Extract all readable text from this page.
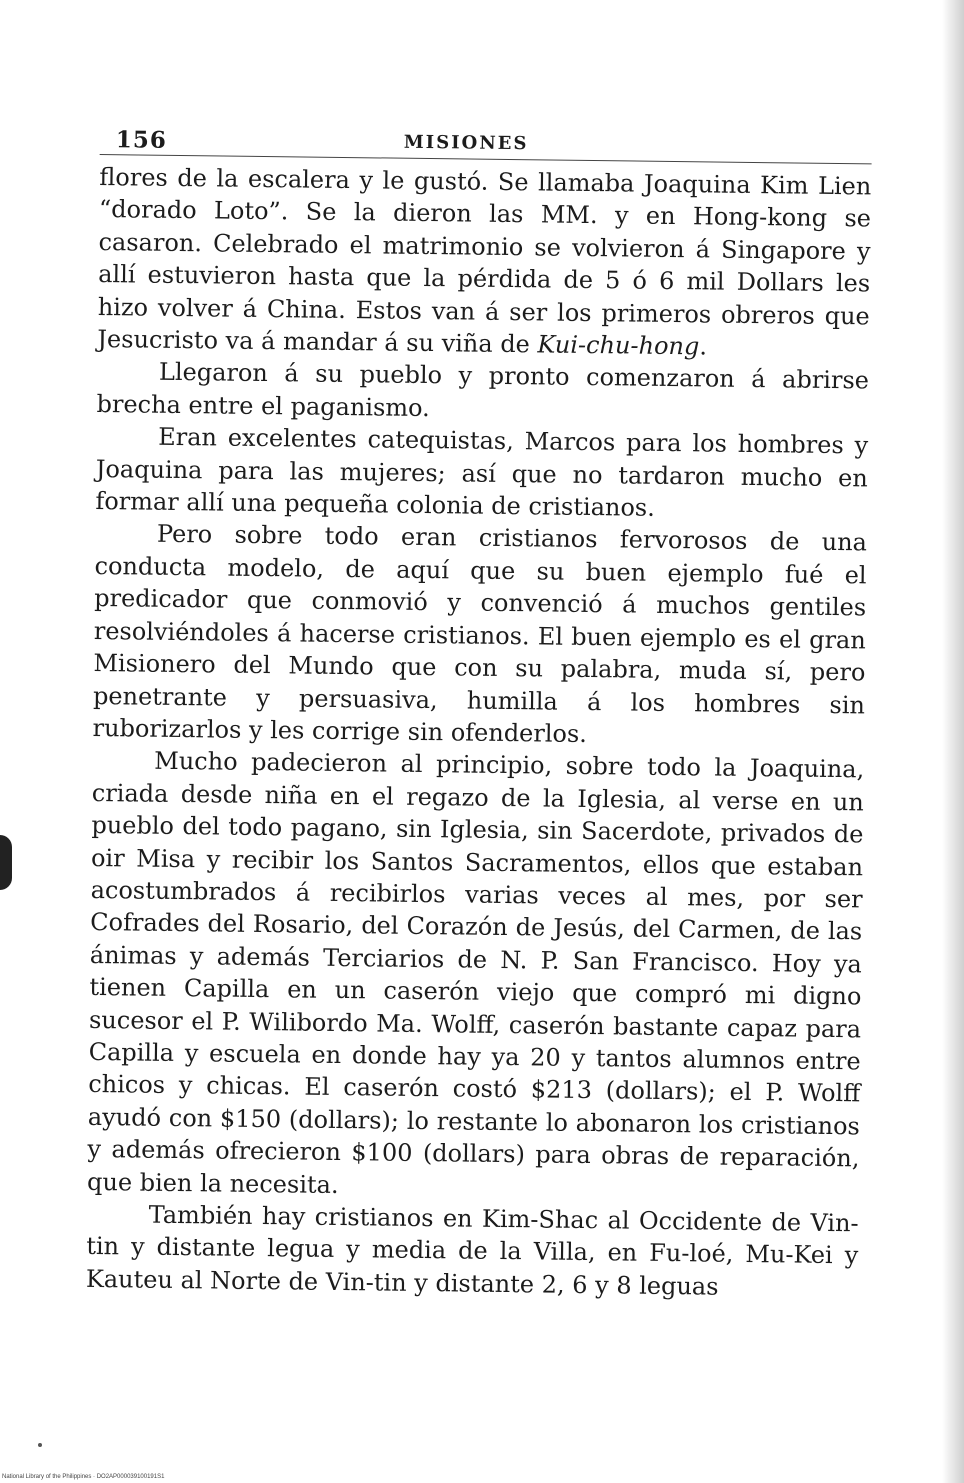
156	MISIONES

flores de la escalera y le gustó. Se llamaba Joaquina Kim Lien “dorado Loto”. Se la dieron las MM. y en Hong-kong se casaron. Celebrado el matrimonio se volvieron á Singapore y allí estuvieron hasta que la pérdida de 5 ó 6 mil Dollars les hizo volver á China. Estos van á ser los primeros obreros que Jesucristo va á mandar á su viña de Kui-chu-hong.

Llegaron á su pueblo y pronto comenzaron á abrirse brecha entre el paganismo.

Eran excelentes catequistas, Marcos para los hombres y Joaquina para las mujeres; así que no tardaron mucho en formar allí una pequeña colonia de cristianos.

Pero sobre todo eran cristianos fervorosos de una conducta modelo, de aquí que su buen ejemplo fué el predicador que conmovió y convenció á muchos gentiles resolviéndoles á hacerse cristianos. El buen ejemplo es el gran Misionero del Mundo que con su palabra, muda sí, pero penetrante y persuasiva, humilla á los hombres sin ruborizarlos y les corrige sin ofenderlos.

Mucho padecieron al principio, sobre todo la Joaquina, criada desde niña en el regazo de la Iglesia, al verse en un pueblo del todo pagano, sin Iglesia, sin Sacerdote, privados de oir Misa y recibir los Santos Sacramentos, ellos que estaban acostumbrados á recibirlos varias veces al mes, por ser Cofrades del Rosario, del Corazón de Jesús, del Carmen, de las ánimas y además Terciarios de N. P. San Francisco. Hoy ya tienen Capilla en un caserón viejo que compró mi digno sucesor el P. Wilibordo Ma. Wolff, caserón bastante capaz para Capilla y escuela en donde hay ya 20 y tantos alumnos entre chicos y chicas. El caserón costó $213 (dollars); el P. Wolff ayudó con $150 (dollars); lo restante lo abonaron los cristianos y además ofrecieron $100 (dollars) para obras de reparación, que bien la necesita.

También hay cristianos en Kim-Shac al Occidente de Vin-tin y distante legua y media de la Villa, en Fu-loé, Mu-Kei y Kauteu al Norte de Vin-tin y distante 2, 6 y 8 leguas

National Library of the Philippines · DO2AP000039100191S1
